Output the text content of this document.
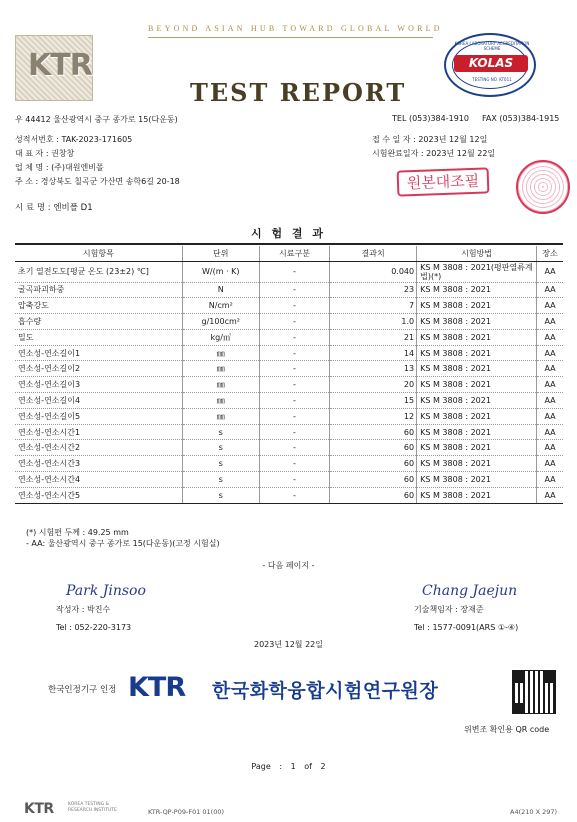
BEYOND ASIAN HUB TOWARD GLOBAL WORLD
KTR
TEST REPORT
KOREA LABORATORY ACCREDITATION SCHEME
KOLAS
TESTING NO. KT011
우 44412 울산광역시 중구 종가로 15(다운동)	TEL (053)384-1910 FAX (053)384-1915
성적서번호 : TAK-2023-171605
대 표 자 : 권창창
업 체 명 : (주)대원엔비폴
주 소 : 경상북도 칠곡군 가산면 송학6길 20-18
시 료 명 : 엔비폴 D1
접 수 일 자 : 2023년 12월 12일
시험완료일자 : 2023년 12월 22일
원본대조필
시 험 결 과
시험항목	단위	시료구분	결과치	시험방법	장소
초기 열전도도[평균 온도 (23±2) ℃]	W/(m · K)	-	0.040	KS M 3808 : 2021(평판열류계법)(*)	AA
굴곡파괴하중	N	-	23	KS M 3808 : 2021	AA
압축강도	N/cm²	-	7	KS M 3808 : 2021	AA
흡수량	g/100cm²	-	1.0	KS M 3808 : 2021	AA
밀도	kg/㎥	-	21	KS M 3808 : 2021	AA
연소성-연소길이1	㎜	-	14	KS M 3808 : 2021	AA
연소성-연소길이2	㎜	-	13	KS M 3808 : 2021	AA
연소성-연소길이3	㎜	-	20	KS M 3808 : 2021	AA
연소성-연소길이4	㎜	-	15	KS M 3808 : 2021	AA
연소성-연소길이5	㎜	-	12	KS M 3808 : 2021	AA
연소성-연소시간1	s	-	60	KS M 3808 : 2021	AA
연소성-연소시간2	s	-	60	KS M 3808 : 2021	AA
연소성-연소시간3	s	-	60	KS M 3808 : 2021	AA
연소성-연소시간4	s	-	60	KS M 3808 : 2021	AA
연소성-연소시간5	s	-	60	KS M 3808 : 2021	AA
(*) 시험편 두께 : 49.25 mm
- AA: 울산광역시 중구 종가로 15(다운동)(고정 시험실)
- 다음 페이지 -
Park Jinsoo
작성자 : 박진수
Tel : 052-220-3173
Chang Jaejun
기술책임자 : 장재준
Tel : 1577-0091(ARS ①-④)
2023년 12월 22일
한국인정기구 인정 KTR 한국화학융합시험연구원장
위변조 확인용 QR code
Page : 1 of 2
KTR	KOREA TESTING &
RESEARCH INSTITUTE	KTR-QP-P09-F01 01(00)	A4(210 X 297)
